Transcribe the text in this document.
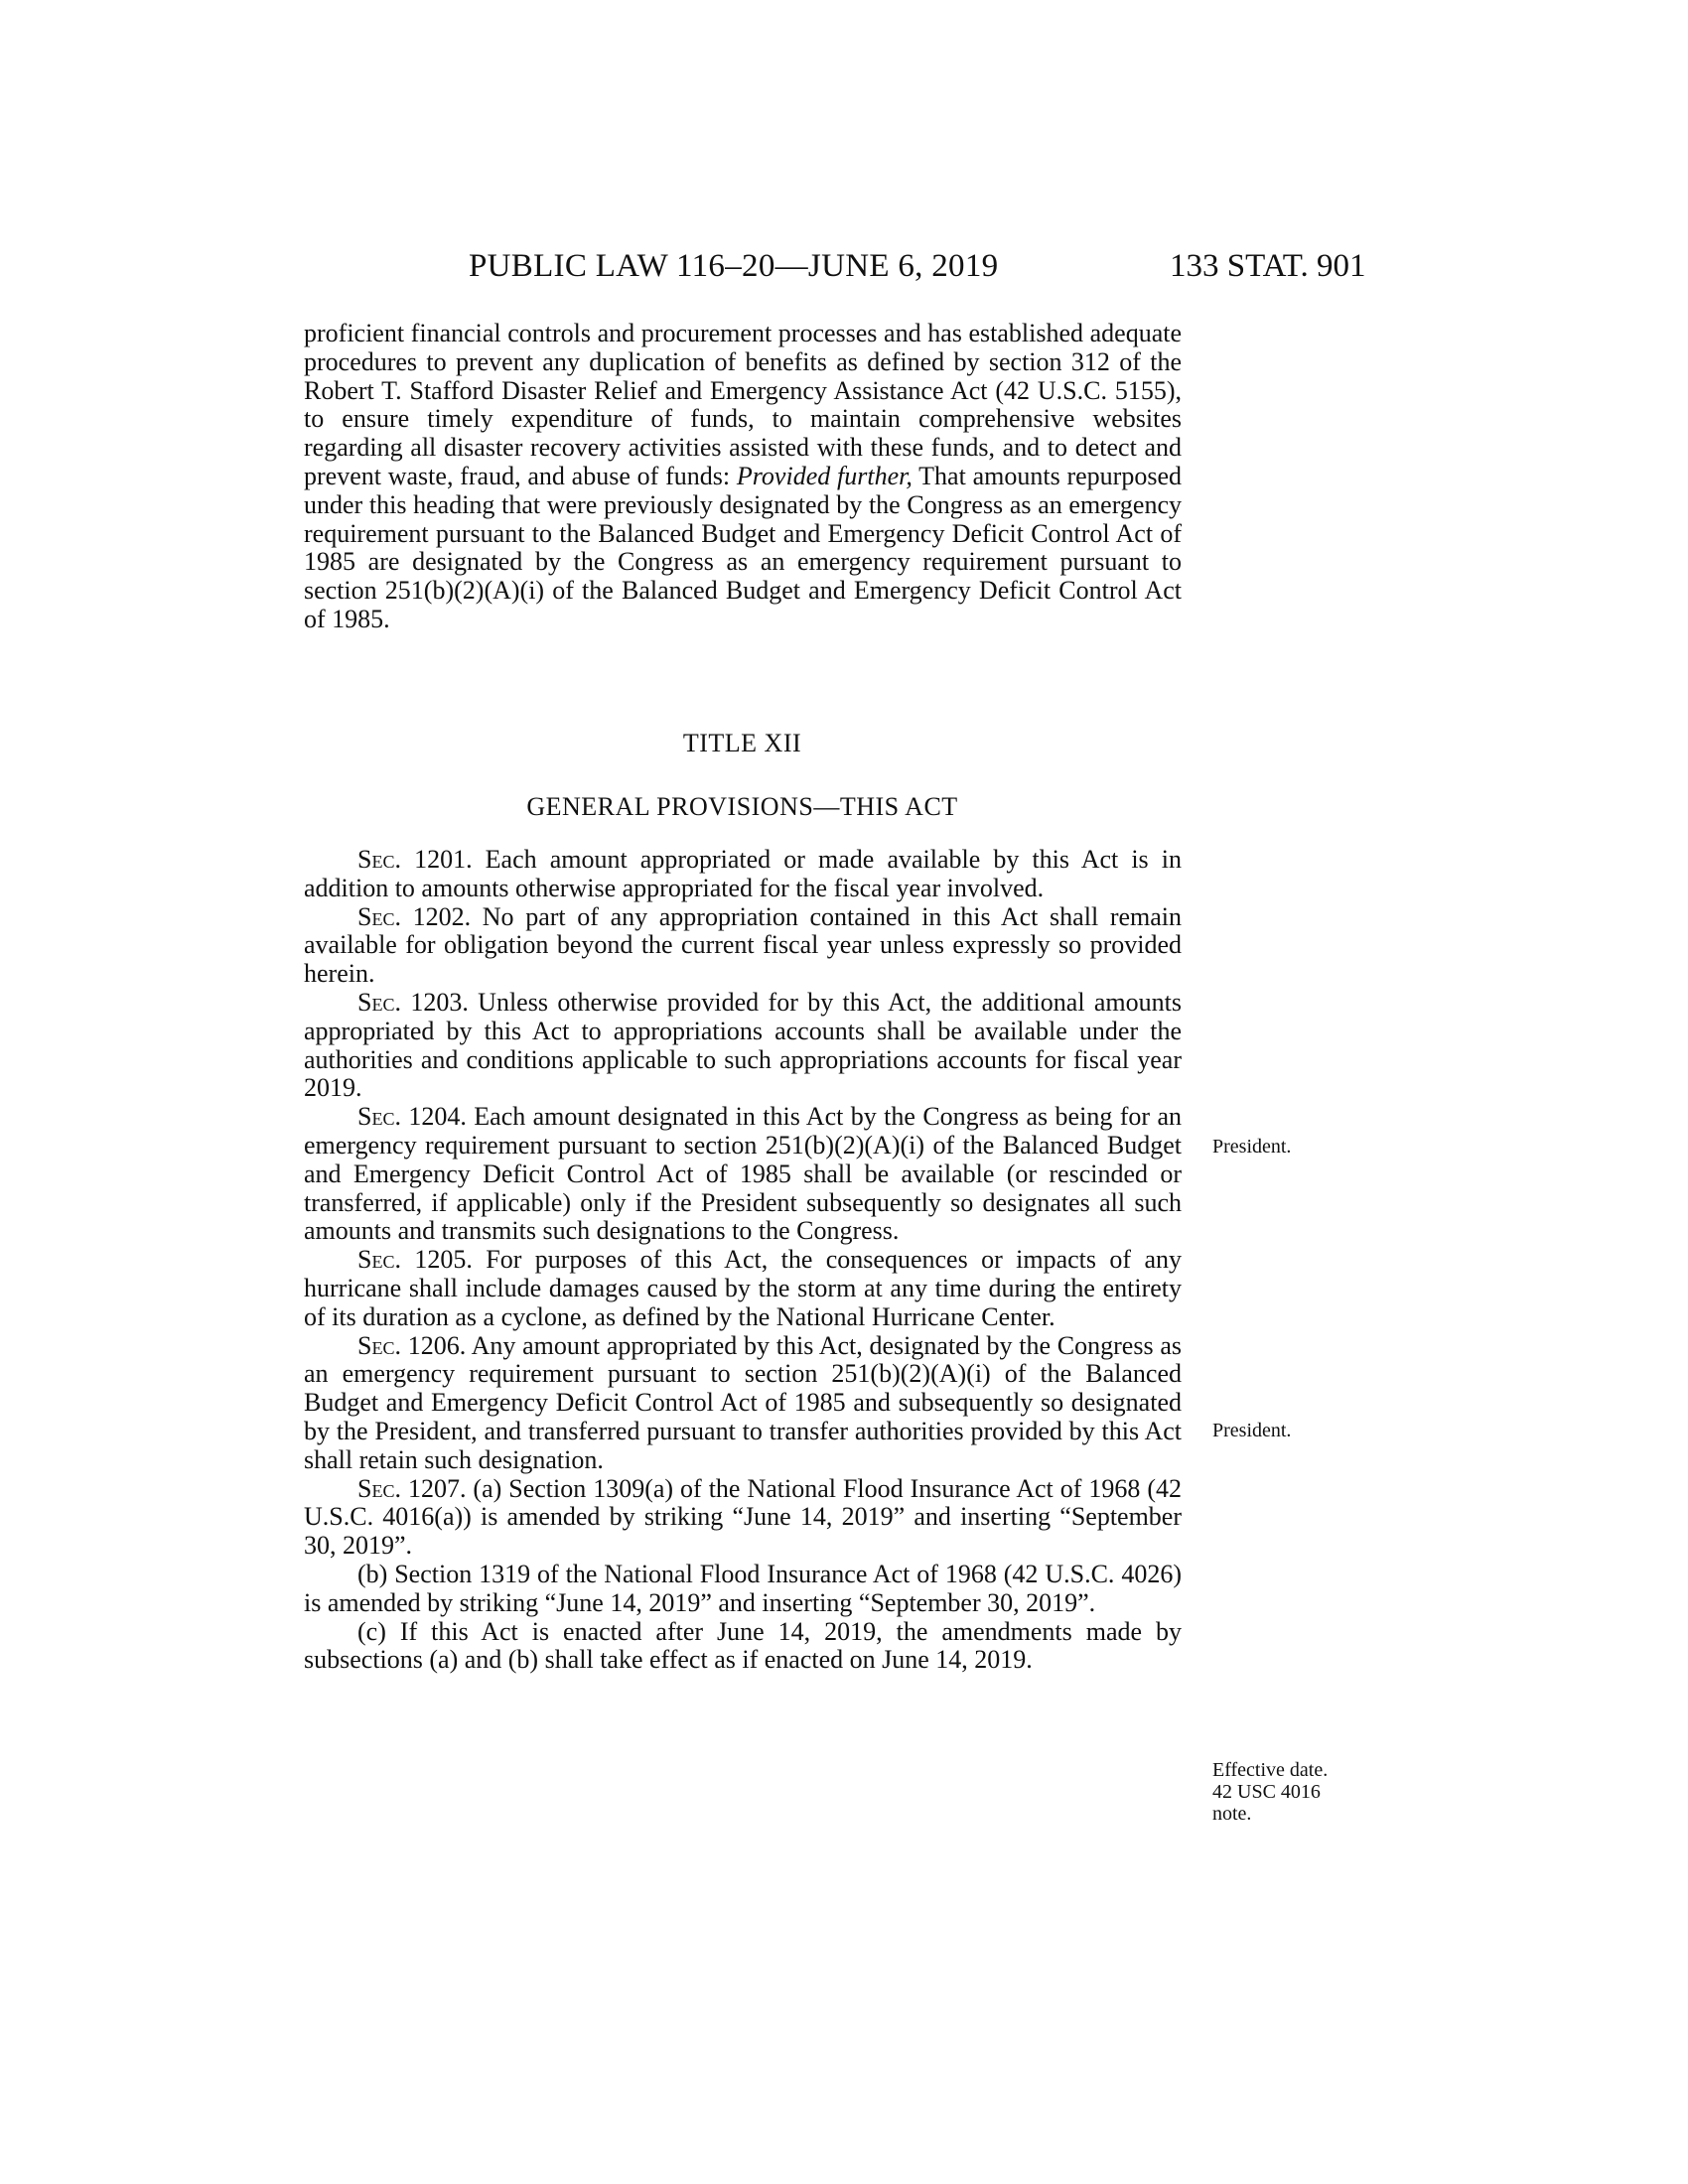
PUBLIC LAW 116–20—JUNE 6, 2019	133 STAT. 901

proficient financial controls and procurement processes and has established adequate procedures to prevent any duplication of benefits as defined by section 312 of the Robert T. Stafford Disaster Relief and Emergency Assistance Act (42 U.S.C. 5155), to ensure timely expenditure of funds, to maintain comprehensive websites regarding all disaster recovery activities assisted with these funds, and to detect and prevent waste, fraud, and abuse of funds: Provided further, That amounts repurposed under this heading that were previously designated by the Congress as an emergency requirement pursuant to the Balanced Budget and Emergency Deficit Control Act of 1985 are designated by the Congress as an emergency requirement pursuant to section 251(b)(2)(A)(i) of the Balanced Budget and Emergency Deficit Control Act of 1985.

TITLE XII
GENERAL PROVISIONS—THIS ACT

Sec. 1201. Each amount appropriated or made available by this Act is in addition to amounts otherwise appropriated for the fiscal year involved.

Sec. 1202. No part of any appropriation contained in this Act shall remain available for obligation beyond the current fiscal year unless expressly so provided herein.

Sec. 1203. Unless otherwise provided for by this Act, the additional amounts appropriated by this Act to appropriations accounts shall be available under the authorities and conditions applicable to such appropriations accounts for fiscal year 2019.

Sec. 1204. Each amount designated in this Act by the Congress as being for an emergency requirement pursuant to section 251(b)(2)(A)(i) of the Balanced Budget and Emergency Deficit Control Act of 1985 shall be available (or rescinded or transferred, if applicable) only if the President subsequently so designates all such amounts and transmits such designations to the Congress.

Sec. 1205. For purposes of this Act, the consequences or impacts of any hurricane shall include damages caused by the storm at any time during the entirety of its duration as a cyclone, as defined by the National Hurricane Center.

Sec. 1206. Any amount appropriated by this Act, designated by the Congress as an emergency requirement pursuant to section 251(b)(2)(A)(i) of the Balanced Budget and Emergency Deficit Control Act of 1985 and subsequently so designated by the President, and transferred pursuant to transfer authorities provided by this Act shall retain such designation.

Sec. 1207. (a) Section 1309(a) of the National Flood Insurance Act of 1968 (42 U.S.C. 4016(a)) is amended by striking “June 14, 2019” and inserting “September 30, 2019”.

(b) Section 1319 of the National Flood Insurance Act of 1968 (42 U.S.C. 4026) is amended by striking “June 14, 2019” and inserting “September 30, 2019”.

(c) If this Act is enacted after June 14, 2019, the amendments made by subsections (a) and (b) shall take effect as if enacted on June 14, 2019.

President.
President.
Effective date.
42 USC 4016
note.
